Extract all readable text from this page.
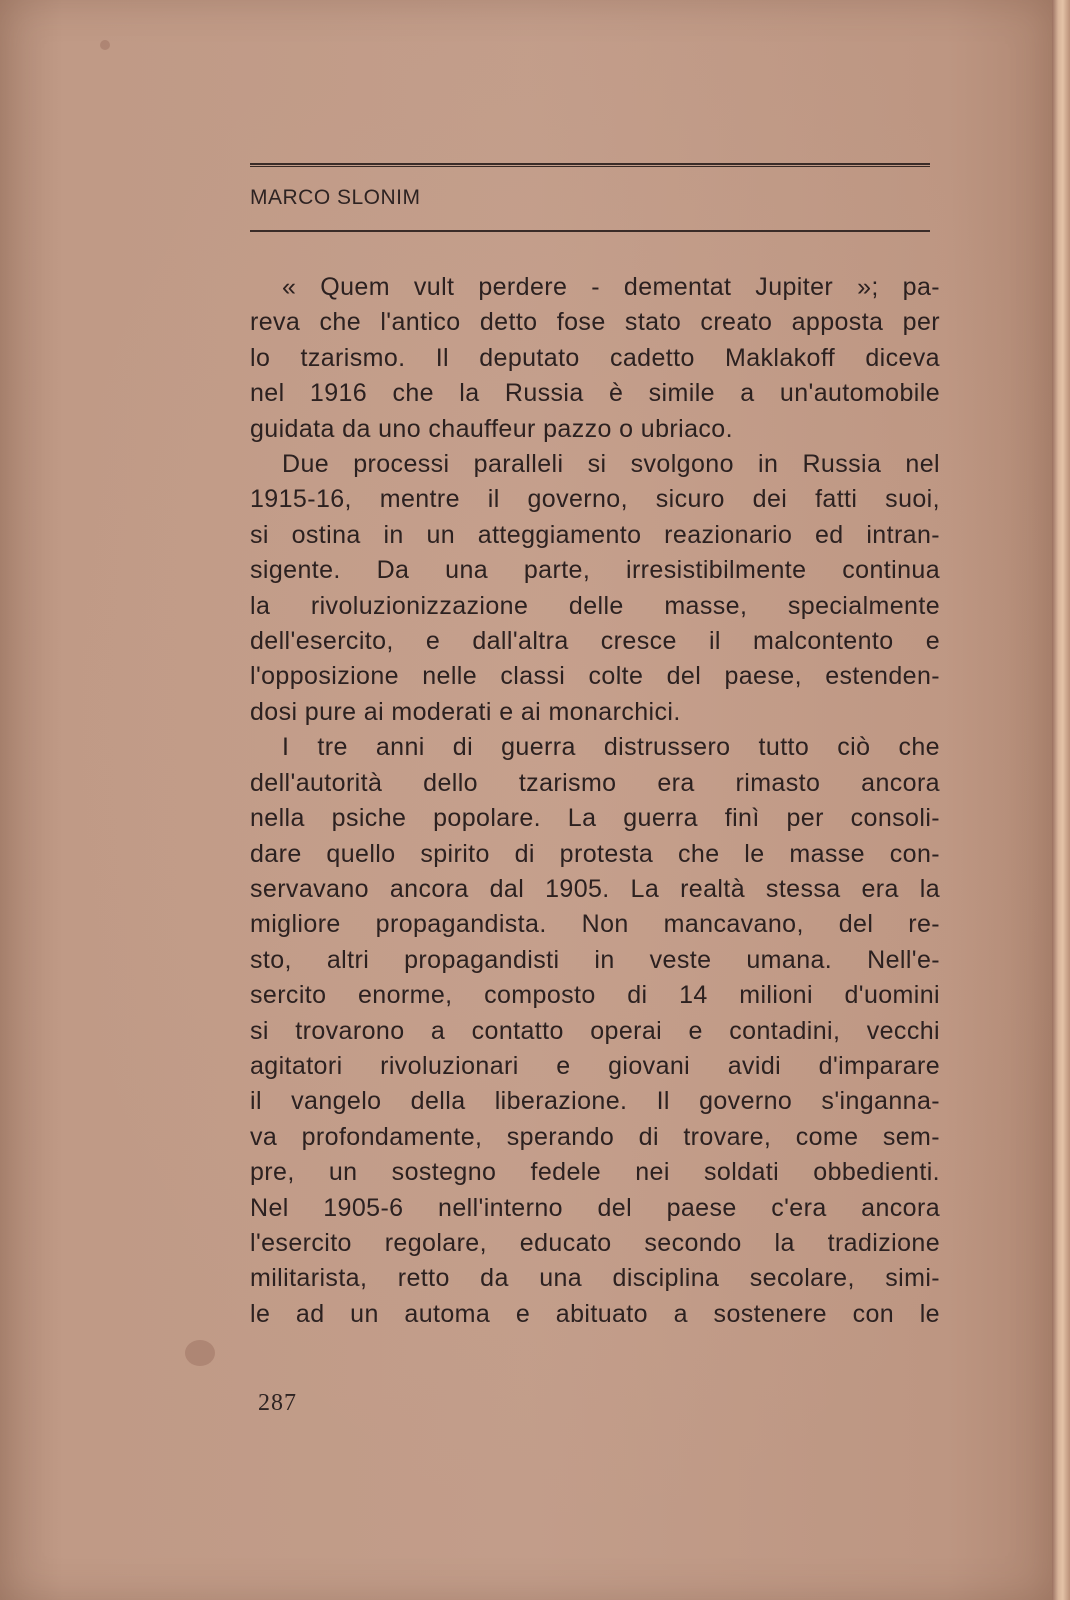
MARCO SLONIM
« Quem vult perdere - dementat Jupiter »; pa-
reva che l'antico detto fose stato creato apposta per
lo tzarismo. Il deputato cadetto Maklakoff diceva
nel 1916 che la Russia è simile a un'automobile
guidata da uno chauffeur pazzo o ubriaco.
Due processi paralleli si svolgono in Russia nel
1915-16, mentre il governo, sicuro dei fatti suoi,
si ostina in un atteggiamento reazionario ed intran-
sigente. Da una parte, irresistibilmente continua
la rivoluzionizzazione delle masse, specialmente
dell'esercito, e dall'altra cresce il malcontento e
l'opposizione nelle classi colte del paese, estenden-
dosi pure ai moderati e ai monarchici.
I tre anni di guerra distrussero tutto ciò che
dell'autorità dello tzarismo era rimasto ancora
nella psiche popolare. La guerra finì per consoli-
dare quello spirito di protesta che le masse con-
servavano ancora dal 1905. La realtà stessa era la
migliore propagandista. Non mancavano, del re-
sto, altri propagandisti in veste umana. Nell'e-
sercito enorme, composto di 14 milioni d'uomini
si trovarono a contatto operai e contadini, vecchi
agitatori rivoluzionari e giovani avidi d'imparare
il vangelo della liberazione. Il governo s'inganna-
va profondamente, sperando di trovare, come sem-
pre, un sostegno fedele nei soldati obbedienti.
Nel 1905-6 nell'interno del paese c'era ancora
l'esercito regolare, educato secondo la tradizione
militarista, retto da una disciplina secolare, simi-
le ad un automa e abituato a sostenere con le
287
